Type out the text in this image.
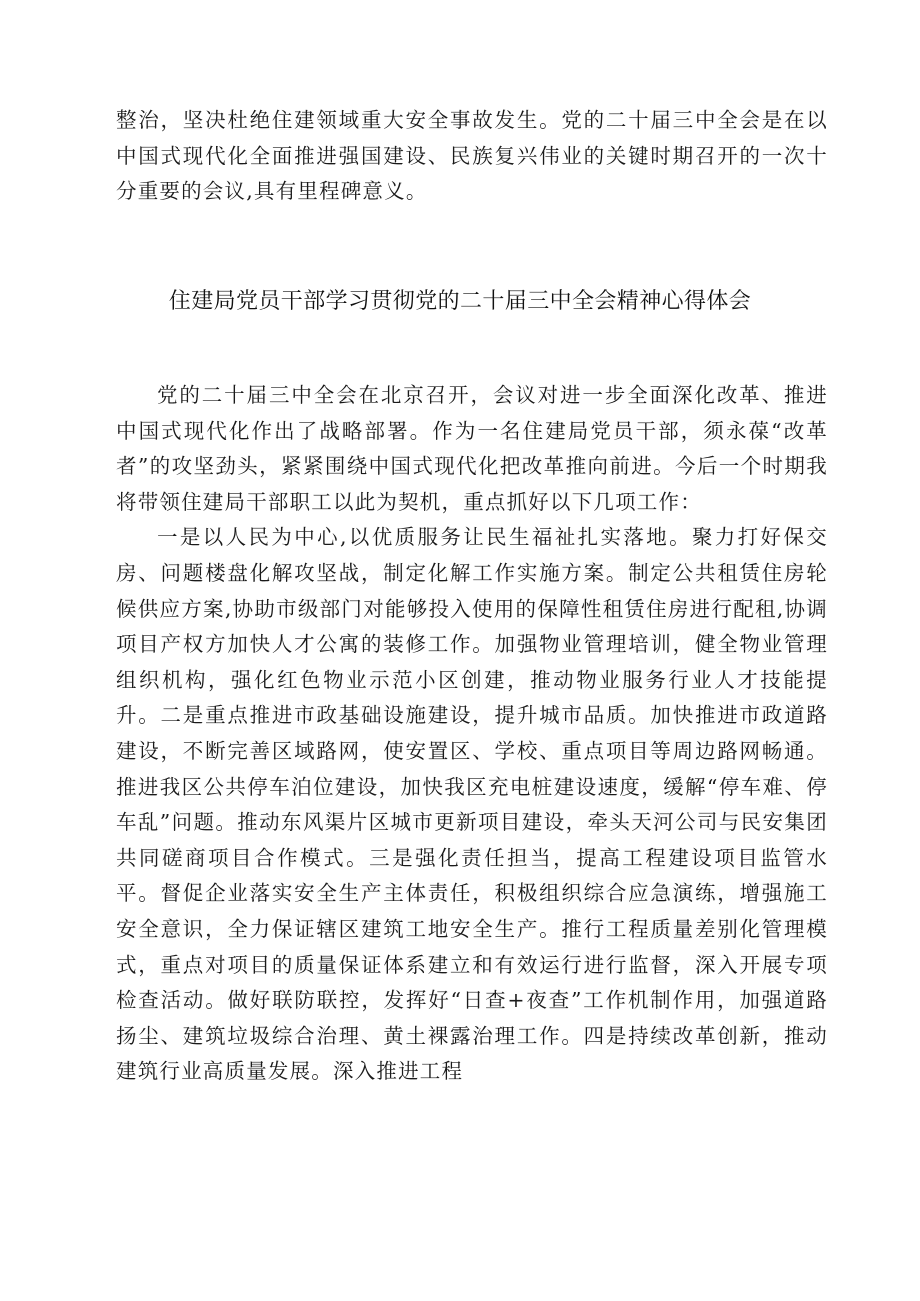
整治，坚决杜绝住建领域重大安全事故发生。党的二十届三中全会是在以中国式现代化全面推进强国建设、民族复兴伟业的关键时期召开的一次十分重要的会议,具有里程碑意义。
住建局党员干部学习贯彻党的二十届三中全会精神心得体会

党的二十届三中全会在北京召开，会议对进一步全面深化改革、推进中国式现代化作出了战略部署。作为一名住建局党员干部，须永葆“改革者”的攻坚劲头，紧紧围绕中国式现代化把改革推向前进。今后一个时期我将带领住建局干部职工以此为契机，重点抓好以下几项工作：

一是以人民为中心,以优质服务让民生福祉扎实落地。聚力打好保交房、问题楼盘化解攻坚战，制定化解工作实施方案。制定公共租赁住房轮候供应方案,协助市级部门对能够投入使用的保障性租赁住房进行配租,协调项目产权方加快人才公寓的装修工作。加强物业管理培训，健全物业管理组织机构，强化红色物业示范小区创建，推动物业服务行业人才技能提升。二是重点推进市政基础设施建设，提升城市品质。加快推进市政道路建设，不断完善区域路网，使安置区、学校、重点项目等周边路网畅通。推进我区公共停车泊位建设，加快我区充电桩建设速度，缓解“停车难、停车乱”问题。推动东风渠片区城市更新项目建设，牵头天河公司与民安集团共同磋商项目合作模式。三是强化责任担当，提高工程建设项目监管水平。督促企业落实安全生产主体责任，积极组织综合应急演练，增强施工安全意识，全力保证辖区建筑工地安全生产。推行工程质量差别化管理模式，重点对项目的质量保证体系建立和有效运行进行监督，深入开展专项检查活动。做好联防联控，发挥好“日查+夜查”工作机制作用，加强道路扬尘、建筑垃圾综合治理、黄土裸露治理工作。四是持续改革创新，推动建筑行业高质量发展。深入推进工程
